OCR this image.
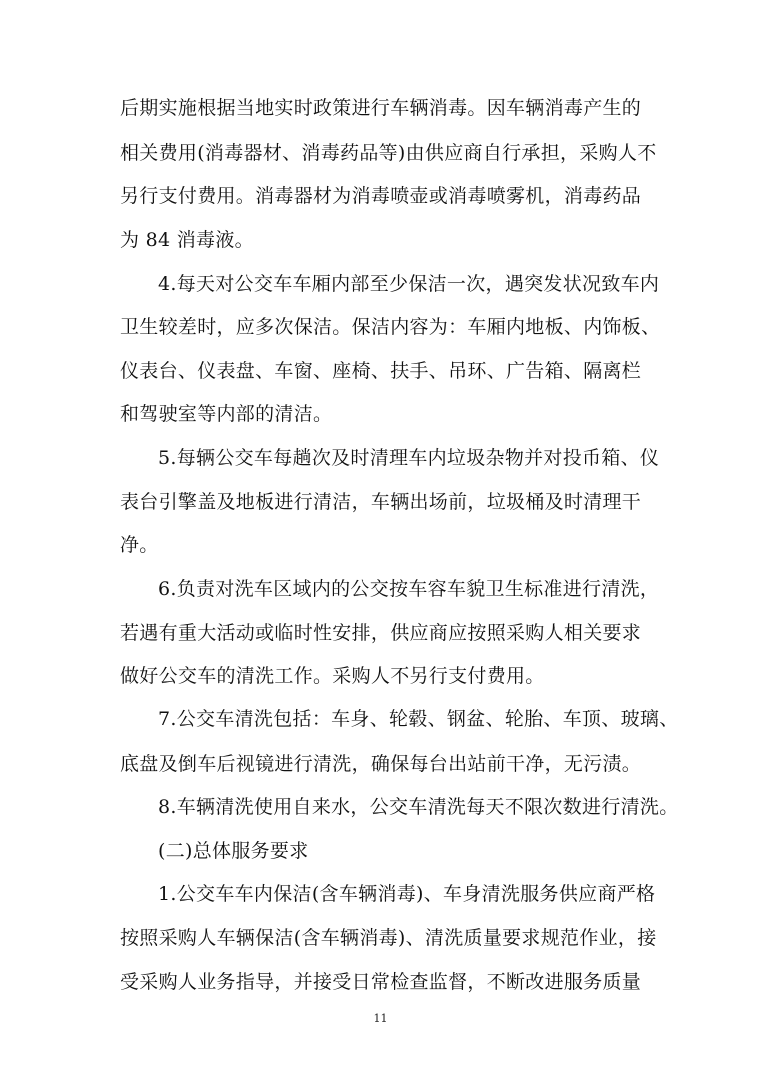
后期实施根据当地实时政策进行车辆消毒。因车辆消毒产生的
相关费用(消毒器材、消毒药品等)由供应商自行承担，采购人不
另行支付费用。消毒器材为消毒喷壶或消毒喷雾机，消毒药品
为 84 消毒液。
4.每天对公交车车厢内部至少保洁一次，遇突发状况致车内
卫生较差时，应多次保洁。保洁内容为：车厢内地板、内饰板、
仪表台、仪表盘、车窗、座椅、扶手、吊环、广告箱、隔离栏
和驾驶室等内部的清洁。
5.每辆公交车每趟次及时清理车内垃圾杂物并对投币箱、仪
表台引擎盖及地板进行清洁，车辆出场前，垃圾桶及时清理干
净。
6.负责对洗车区域内的公交按车容车貌卫生标准进行清洗，
若遇有重大活动或临时性安排，供应商应按照采购人相关要求
做好公交车的清洗工作。采购人不另行支付费用。
7.公交车清洗包括：车身、轮毂、钢盆、轮胎、车顶、玻璃、
底盘及倒车后视镜进行清洗，确保每台出站前干净，无污渍。
8.车辆清洗使用自来水，公交车清洗每天不限次数进行清洗。
(二)总体服务要求
1.公交车车内保洁(含车辆消毒)、车身清洗服务供应商严格
按照采购人车辆保洁(含车辆消毒)、清洗质量要求规范作业，接
受采购人业务指导，并接受日常检查监督，不断改进服务质量
11
